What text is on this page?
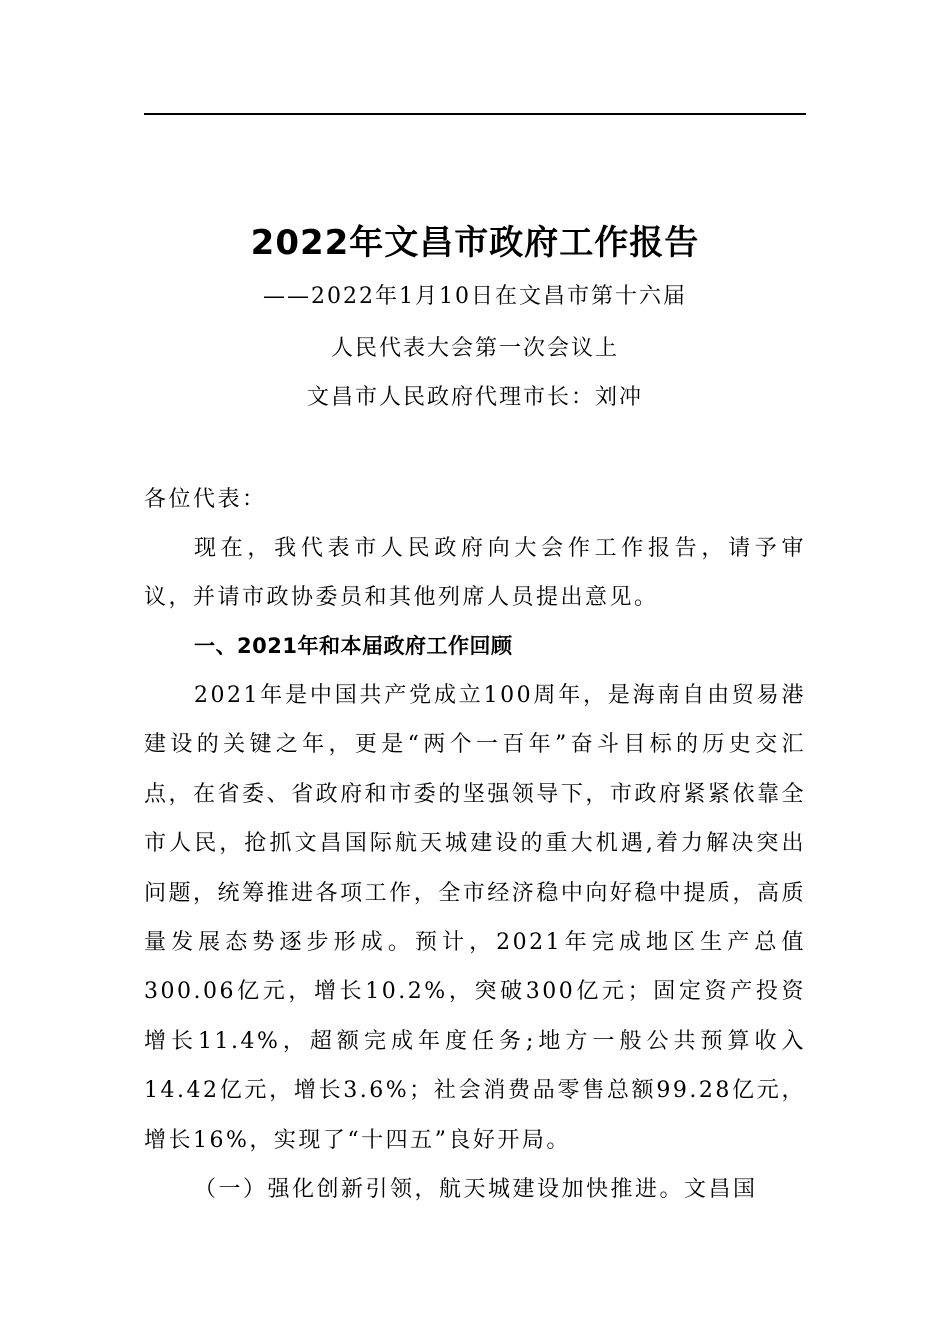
2022年文昌市政府工作报告
——2022年1月10日在文昌市第十六届
人民代表大会第一次会议上
文昌市人民政府代理市长：刘冲
各位代表：
现在，我代表市人民政府向大会作工作报告，请予审议，并请市政协委员和其他列席人员提出意见。
一、2021年和本届政府工作回顾
2021年是中国共产党成立100周年，是海南自由贸易港建设的关键之年，更是“两个一百年”奋斗目标的历史交汇点，在省委、省政府和市委的坚强领导下，市政府紧紧依靠全市人民，抢抓文昌国际航天城建设的重大机遇,着力解决突出问题，统筹推进各项工作，全市经济稳中向好稳中提质，高质量发展态势逐步形成。预计，2021年完成地区生产总值300.06亿元，增长10.2%，突破300亿元；固定资产投资增长11.4%，超额完成年度任务;地方一般公共预算收入14.42亿元，增长3.6%；社会消费品零售总额99.28亿元，增长16%，实现了“十四五”良好开局。
（一）强化创新引领，航天城建设加快推进。文昌国
